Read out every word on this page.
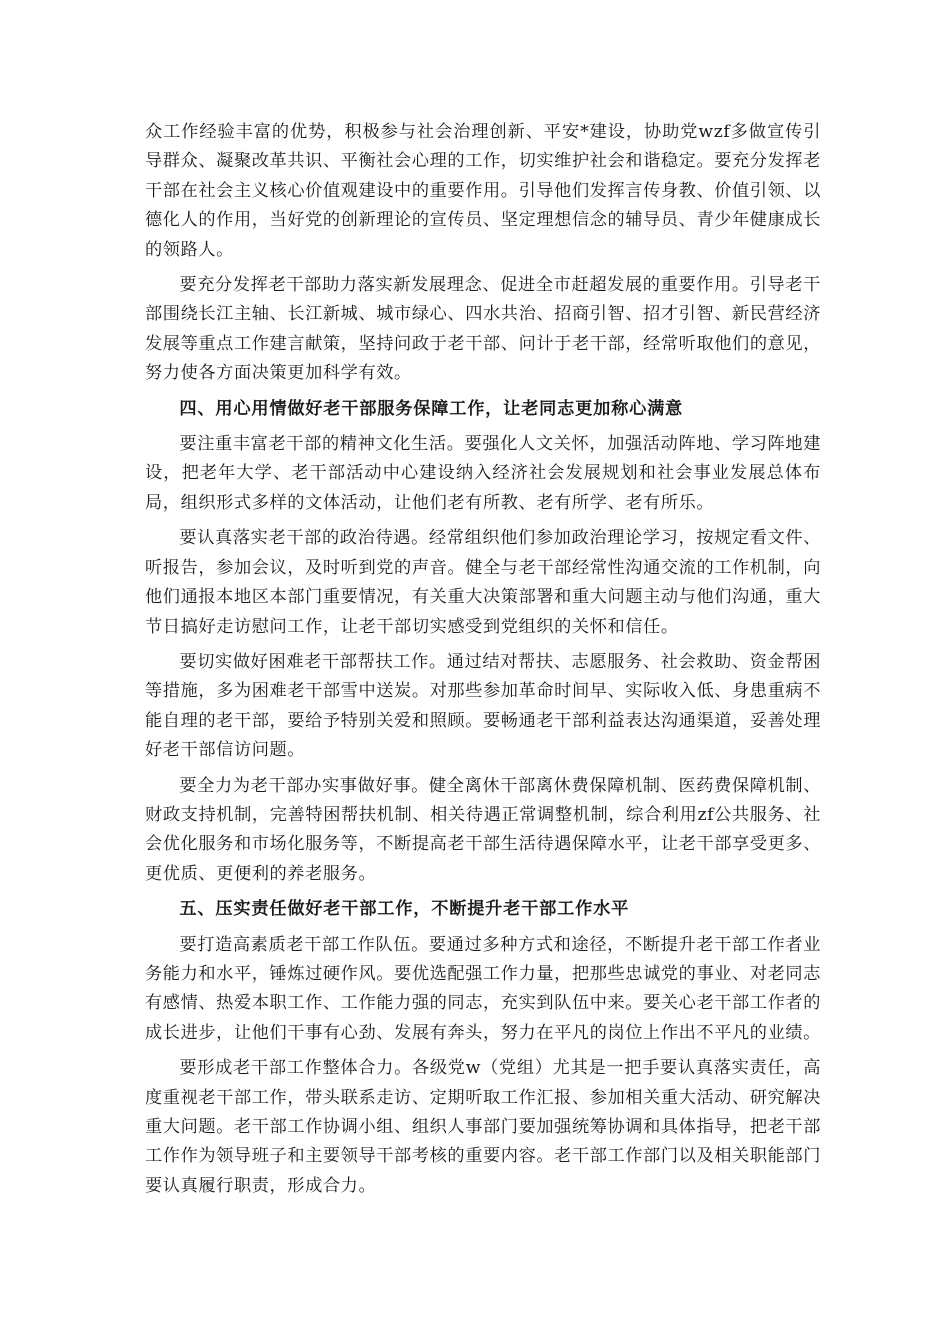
众工作经验丰富的优势，积极参与社会治理创新、平安*建设，协助党wzf多做宣传引导群众、凝聚改革共识、平衡社会心理的工作，切实维护社会和谐稳定。要充分发挥老干部在社会主义核心价值观建设中的重要作用。引导他们发挥言传身教、价值引领、以德化人的作用，当好党的创新理论的宣传员、坚定理想信念的辅导员、青少年健康成长的领路人。

要充分发挥老干部助力落实新发展理念、促进全市赶超发展的重要作用。引导老干部围绕长江主轴、长江新城、城市绿心、四水共治、招商引智、招才引智、新民营经济发展等重点工作建言献策，坚持问政于老干部、问计于老干部，经常听取他们的意见，努力使各方面决策更加科学有效。

四、用心用情做好老干部服务保障工作，让老同志更加称心满意

要注重丰富老干部的精神文化生活。要强化人文关怀，加强活动阵地、学习阵地建设，把老年大学、老干部活动中心建设纳入经济社会发展规划和社会事业发展总体布局，组织形式多样的文体活动，让他们老有所教、老有所学、老有所乐。

要认真落实老干部的政治待遇。经常组织他们参加政治理论学习，按规定看文件、听报告，参加会议，及时听到党的声音。健全与老干部经常性沟通交流的工作机制，向他们通报本地区本部门重要情况，有关重大决策部署和重大问题主动与他们沟通，重大节日搞好走访慰问工作，让老干部切实感受到党组织的关怀和信任。

要切实做好困难老干部帮扶工作。通过结对帮扶、志愿服务、社会救助、资金帮困等措施，多为困难老干部雪中送炭。对那些参加革命时间早、实际收入低、身患重病不能自理的老干部，要给予特别关爱和照顾。要畅通老干部利益表达沟通渠道，妥善处理好老干部信访问题。

要全力为老干部办实事做好事。健全离休干部离休费保障机制、医药费保障机制、财政支持机制，完善特困帮扶机制、相关待遇正常调整机制，综合利用zf公共服务、社会优化服务和市场化服务等，不断提高老干部生活待遇保障水平，让老干部享受更多、更优质、更便利的养老服务。

五、压实责任做好老干部工作，不断提升老干部工作水平

要打造高素质老干部工作队伍。要通过多种方式和途径，不断提升老干部工作者业务能力和水平，锤炼过硬作风。要优选配强工作力量，把那些忠诚党的事业、对老同志有感情、热爱本职工作、工作能力强的同志，充实到队伍中来。要关心老干部工作者的成长进步，让他们干事有心劲、发展有奔头，努力在平凡的岗位上作出不平凡的业绩。

要形成老干部工作整体合力。各级党w（党组）尤其是一把手要认真落实责任，高度重视老干部工作，带头联系走访、定期听取工作汇报、参加相关重大活动、研究解决重大问题。老干部工作协调小组、组织人事部门要加强统筹协调和具体指导，把老干部工作作为领导班子和主要领导干部考核的重要内容。老干部工作部门以及相关职能部门要认真履行职责，形成合力。
